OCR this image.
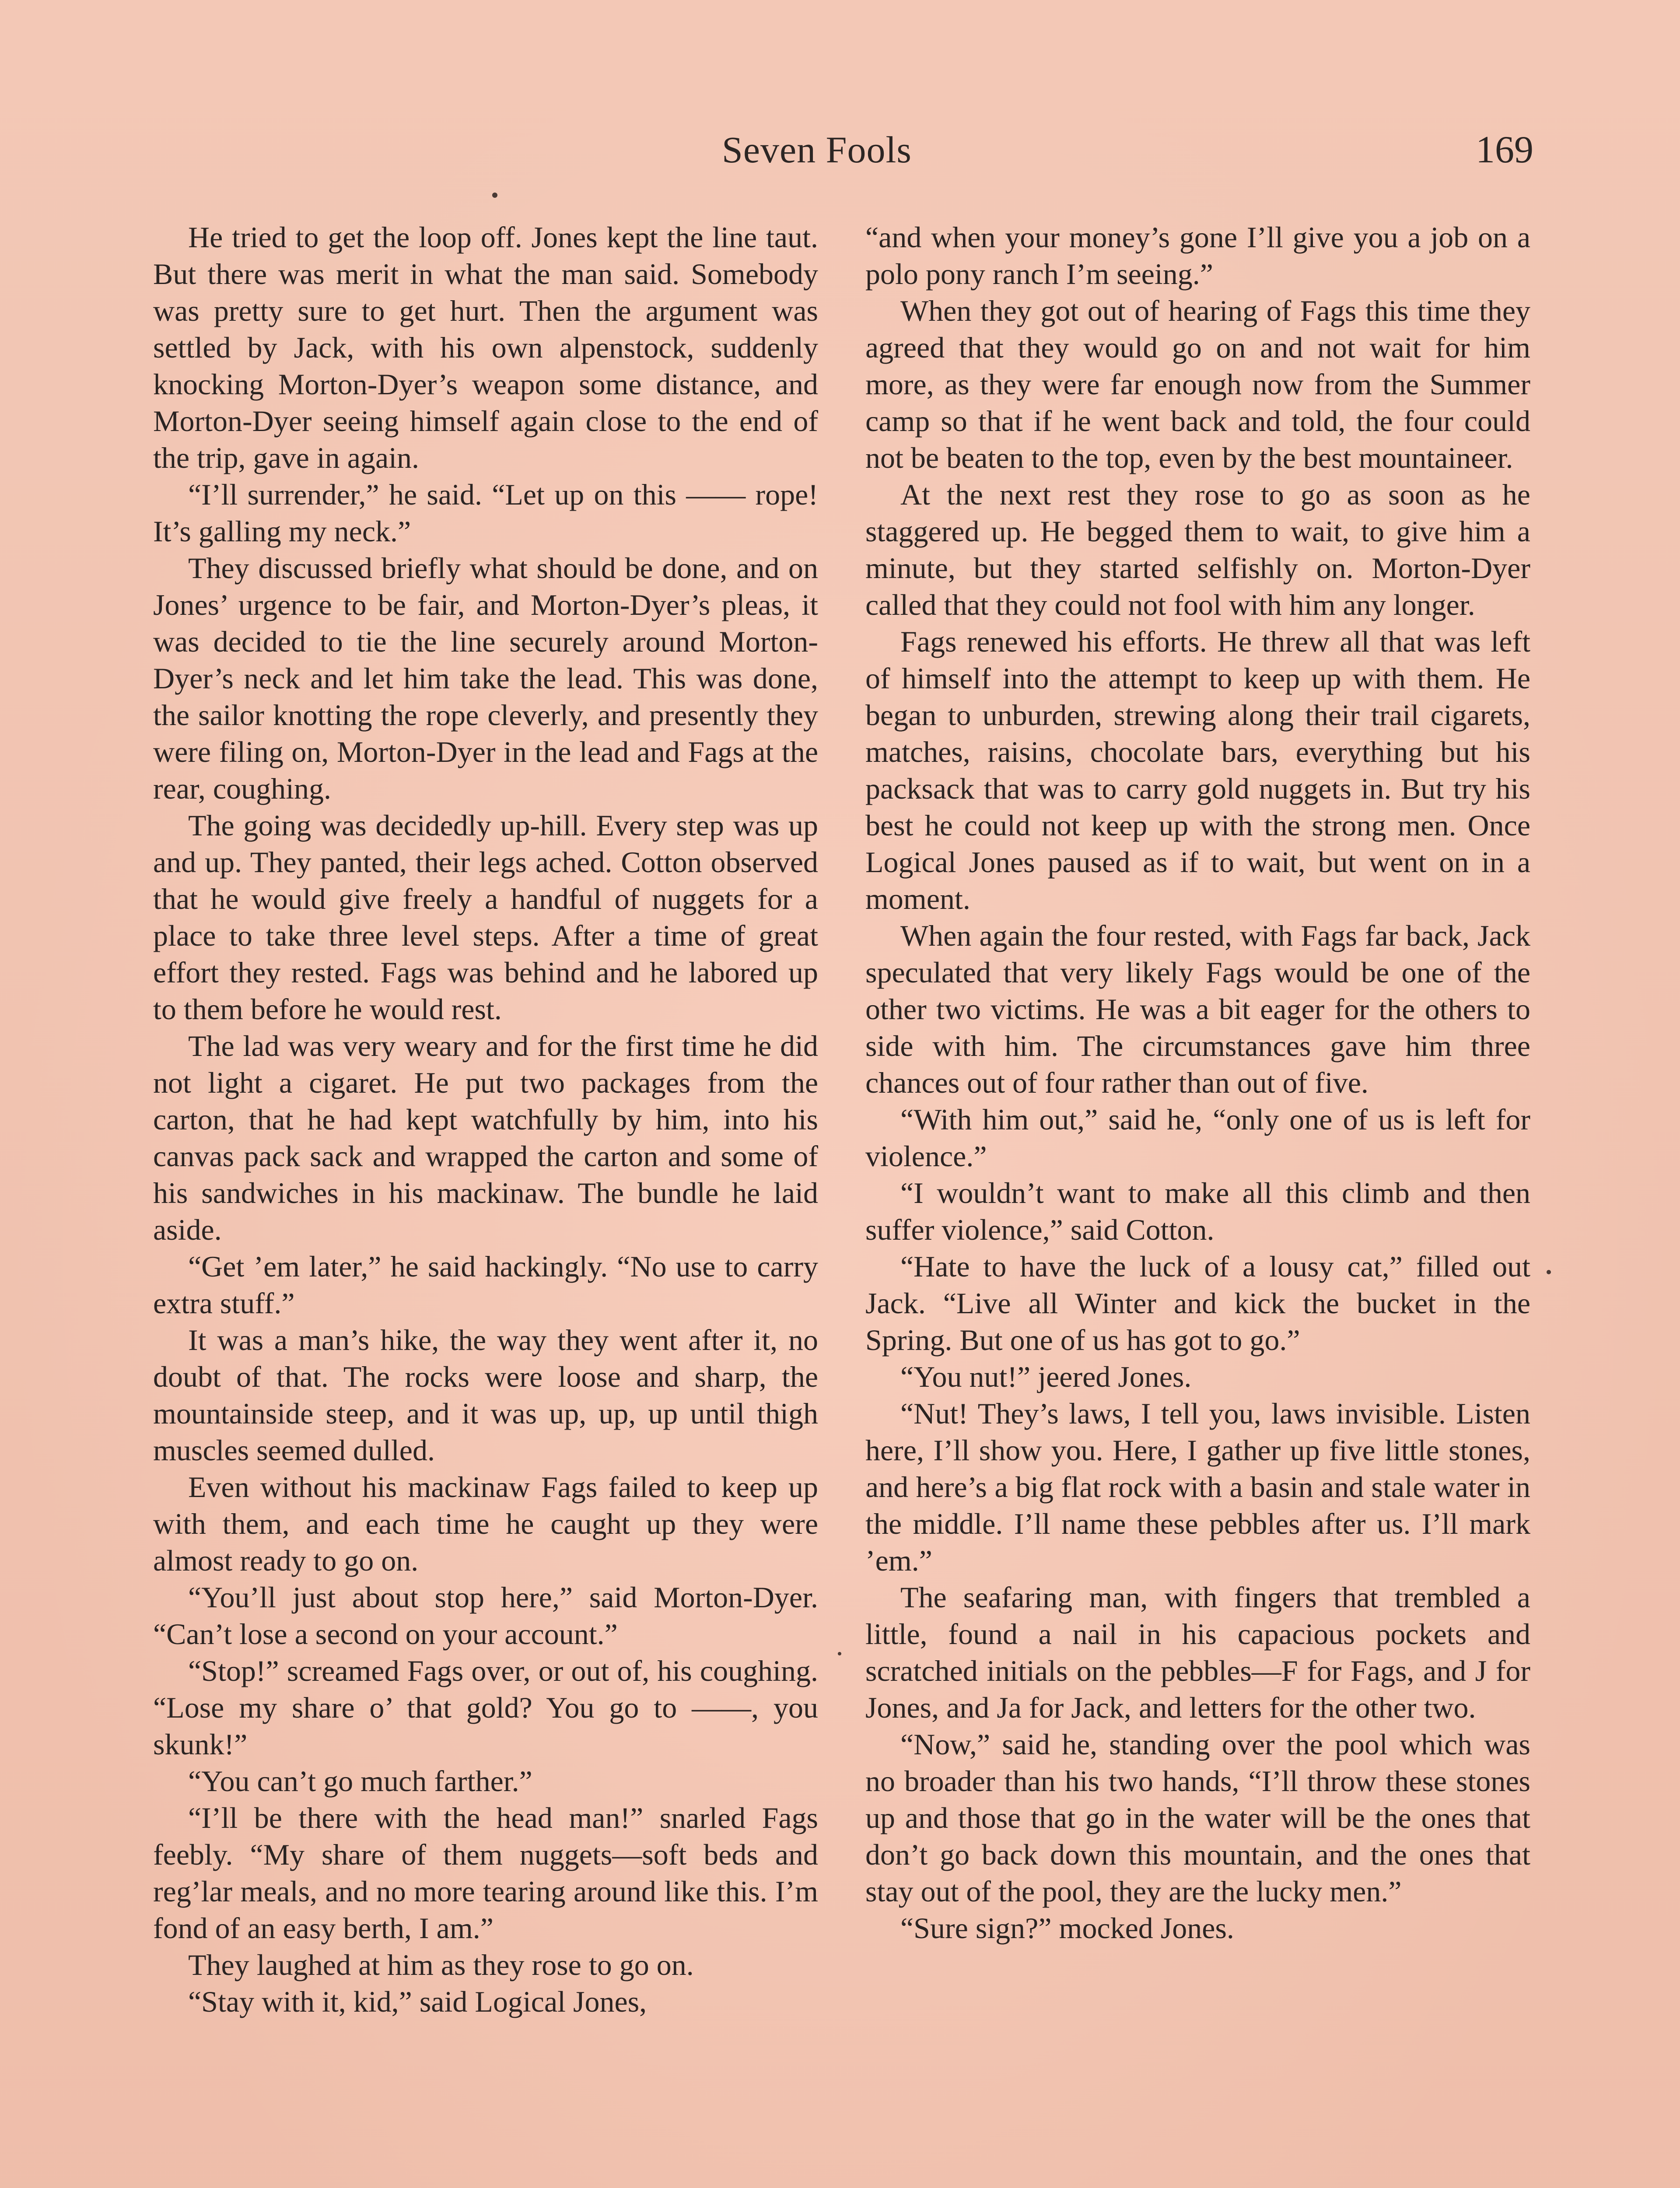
Seven Fools	169

He tried to get the loop off. Jones kept the line taut. But there was merit in what the man said. Somebody was pretty sure to get hurt. Then the argument was settled by Jack, with his own alpenstock, suddenly knocking Morton-Dyer’s weapon some distance, and Morton-Dyer seeing himself again close to the end of the trip, gave in again.

“I’ll surrender,” he said. “Let up on this —— rope! It’s galling my neck.”

They discussed briefly what should be done, and on Jones’ urgence to be fair, and Morton-Dyer’s pleas, it was decided to tie the line securely around Morton-Dyer’s neck and let him take the lead. This was done, the sailor knotting the rope cleverly, and presently they were filing on, Morton-Dyer in the lead and Fags at the rear, coughing.

The going was decidedly up-hill. Every step was up and up. They panted, their legs ached. Cotton observed that he would give freely a handful of nuggets for a place to take three level steps. After a time of great effort they rested. Fags was behind and he labored up to them before he would rest.

The lad was very weary and for the first time he did not light a cigaret. He put two packages from the carton, that he had kept watchfully by him, into his canvas pack sack and wrapped the carton and some of his sandwiches in his mackinaw. The bundle he laid aside.

“Get ’em later,” he said hackingly. “No use to carry extra stuff.”

It was a man’s hike, the way they went after it, no doubt of that. The rocks were loose and sharp, the mountainside steep, and it was up, up, up until thigh muscles seemed dulled.

Even without his mackinaw Fags failed to keep up with them, and each time he caught up they were almost ready to go on.

“You’ll just about stop here,” said Morton-Dyer. “Can’t lose a second on your account.”

“Stop!” screamed Fags over, or out of, his coughing. “Lose my share o’ that gold? You go to ——, you skunk!”

“You can’t go much farther.”

“I’ll be there with the head man!” snarled Fags feebly. “My share of them nuggets—soft beds and reg’lar meals, and no more tearing around like this. I’m fond of an easy berth, I am.”

They laughed at him as they rose to go on.

“Stay with it, kid,” said Logical Jones,

“and when your money’s gone I’ll give you a job on a polo pony ranch I’m seeing.”

When they got out of hearing of Fags this time they agreed that they would go on and not wait for him more, as they were far enough now from the Summer camp so that if he went back and told, the four could not be beaten to the top, even by the best mountaineer.

At the next rest they rose to go as soon as he staggered up. He begged them to wait, to give him a minute, but they started selfishly on. Morton-Dyer called that they could not fool with him any longer.

Fags renewed his efforts. He threw all that was left of himself into the attempt to keep up with them. He began to unburden, strewing along their trail cigarets, matches, raisins, chocolate bars, everything but his packsack that was to carry gold nuggets in. But try his best he could not keep up with the strong men. Once Logical Jones paused as if to wait, but went on in a moment.

When again the four rested, with Fags far back, Jack speculated that very likely Fags would be one of the other two victims. He was a bit eager for the others to side with him. The circumstances gave him three chances out of four rather than out of five.

“With him out,” said he, “only one of us is left for violence.”

“I wouldn’t want to make all this climb and then suffer violence,” said Cotton.

“Hate to have the luck of a lousy cat,” filled out Jack. “Live all Winter and kick the bucket in the Spring. But one of us has got to go.”

“You nut!” jeered Jones.

“Nut! They’s laws, I tell you, laws invisible. Listen here, I’ll show you. Here, I gather up five little stones, and here’s a big flat rock with a basin and stale water in the middle. I’ll name these pebbles after us. I’ll mark ’em.”

The seafaring man, with fingers that trembled a little, found a nail in his capacious pockets and scratched initials on the pebbles—F for Fags, and J for Jones, and Ja for Jack, and letters for the other two.

“Now,” said he, standing over the pool which was no broader than his two hands, “I’ll throw these stones up and those that go in the water will be the ones that don’t go back down this mountain, and the ones that stay out of the pool, they are the lucky men.”

“Sure sign?” mocked Jones.
